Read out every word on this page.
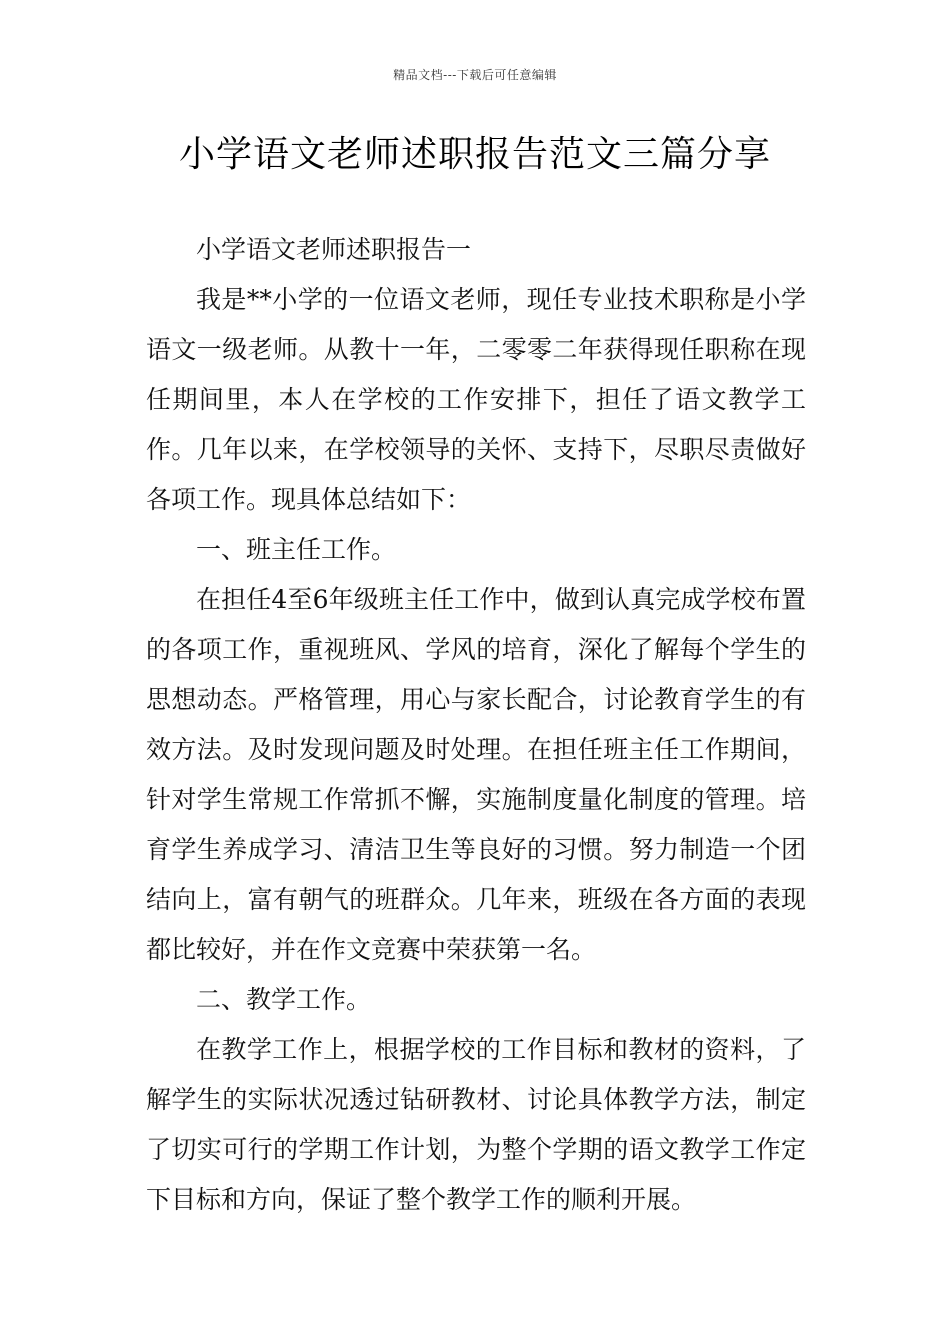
精品文档---下载后可任意编辑
小学语文老师述职报告范文三篇分享

小学语文老师述职报告一

我是**小学的一位语文老师，现任专业技术职称是小学语文一级老师。从教十一年，二零零二年获得现任职称在现任期间里，本人在学校的工作安排下，担任了语文教学工作。几年以来，在学校领导的关怀、支持下，尽职尽责做好各项工作。现具体总结如下：

一、班主任工作。

在担任4至6年级班主任工作中，做到认真完成学校布置的各项工作，重视班风、学风的培育，深化了解每个学生的思想动态。严格管理，用心与家长配合，讨论教育学生的有效方法。及时发现问题及时处理。在担任班主任工作期间，针对学生常规工作常抓不懈，实施制度量化制度的管理。培育学生养成学习、清洁卫生等良好的习惯。努力制造一个团结向上，富有朝气的班群众。几年来，班级在各方面的表现都比较好，并在作文竞赛中荣获第一名。

二、教学工作。

在教学工作上，根据学校的工作目标和教材的资料，了解学生的实际状况透过钻研教材、讨论具体教学方法，制定了切实可行的学期工作计划，为整个学期的语文教学工作定下目标和方向，保证了整个教学工作的顺利开展。
